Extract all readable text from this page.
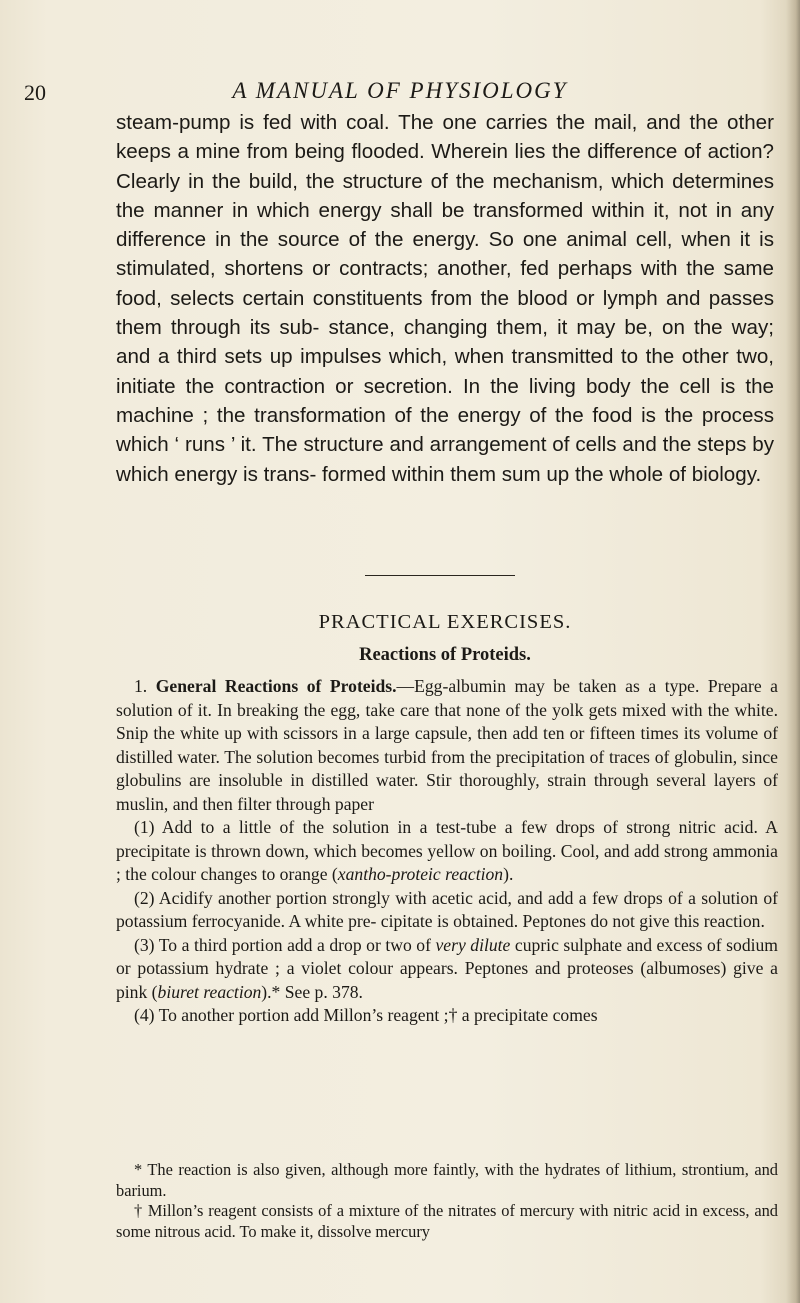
20	A MANUAL OF PHYSIOLOGY

steam-pump is fed with coal. The one carries the mail, and the other keeps a mine from being flooded. Wherein lies the difference of action? Clearly in the build, the structure of the mechanism, which determines the manner in which energy shall be transformed within it, not in any difference in the source of the energy. So one animal cell, when it is stimulated, shortens or contracts; another, fed perhaps with the same food, selects certain constituents from the blood or lymph and passes them through its sub- stance, changing them, it may be, on the way; and a third sets up impulses which, when transmitted to the other two, initiate the contraction or secretion. In the living body the cell is the machine ; the transformation of the energy of the food is the process which ‘ runs ’ it. The structure and arrangement of cells and the steps by which energy is trans- formed within them sum up the whole of biology.

PRACTICAL EXERCISES.
Reactions of Proteids.

1. General Reactions of Proteids.—Egg-albumin may be taken as a type. Prepare a solution of it. In breaking the egg, take care that none of the yolk gets mixed with the white. Snip the white up with scissors in a large capsule, then add ten or fifteen times its volume of distilled water. The solution becomes turbid from the precipitation of traces of globulin, since globulins are insoluble in distilled water. Stir thoroughly, strain through several layers of muslin, and then filter through paper

(1) Add to a little of the solution in a test-tube a few drops of strong nitric acid. A precipitate is thrown down, which becomes yellow on boiling. Cool, and add strong ammonia ; the colour changes to orange (xantho-proteic reaction).

(2) Acidify another portion strongly with acetic acid, and add a few drops of a solution of potassium ferrocyanide. A white pre- cipitate is obtained. Peptones do not give this reaction.

(3) To a third portion add a drop or two of very dilute cupric sulphate and excess of sodium or potassium hydrate ; a violet colour appears. Peptones and proteoses (albumoses) give a pink (biuret reaction).* See p. 378.

(4) To another portion add Millon’s reagent ;† a precipitate comes

* The reaction is also given, although more faintly, with the hydrates of lithium, strontium, and barium.

† Millon’s reagent consists of a mixture of the nitrates of mercury with nitric acid in excess, and some nitrous acid. To make it, dissolve mercury
